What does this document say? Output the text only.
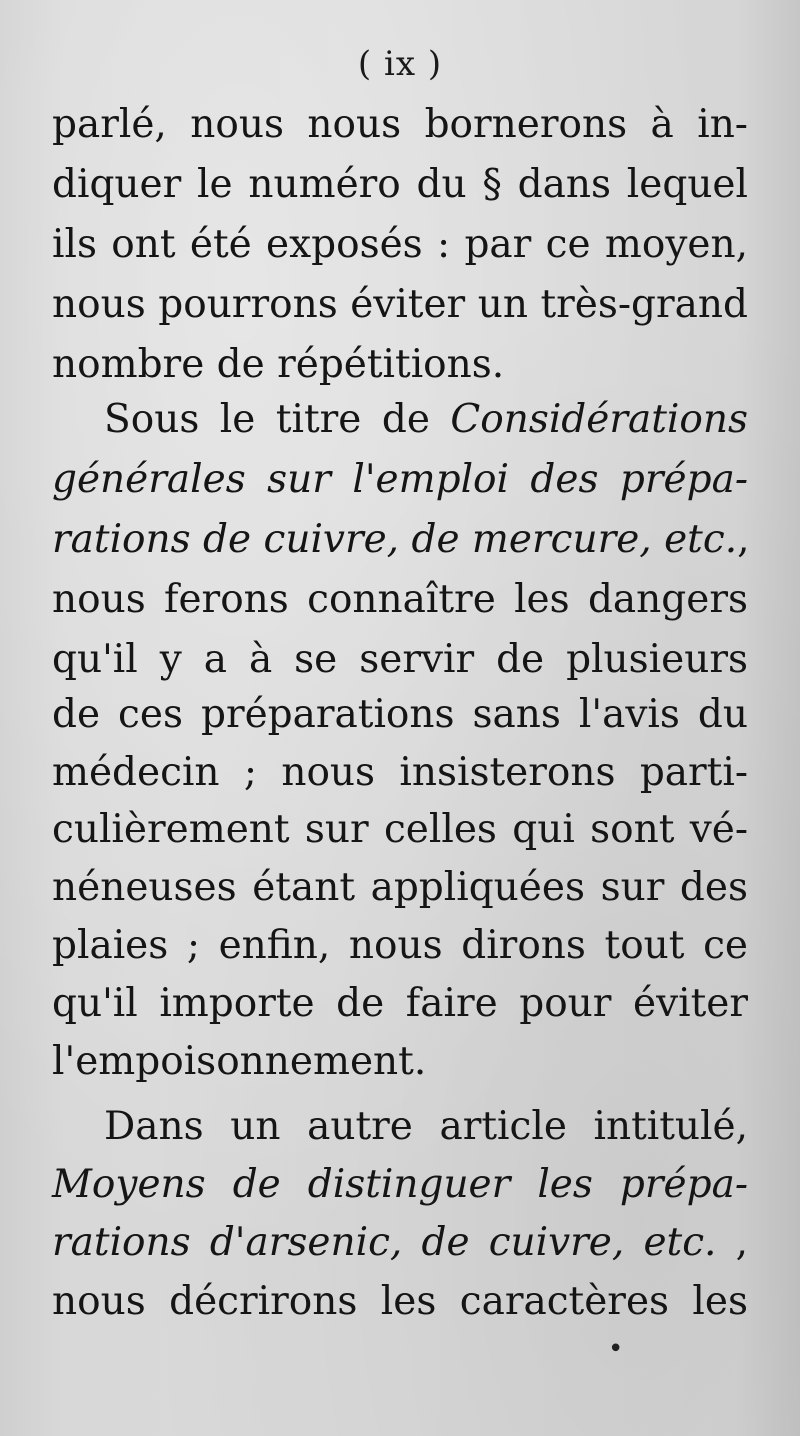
( ix )
parlé, nous nous bornerons à in-
diquer le numéro du § dans lequel
ils ont été exposés : par ce moyen,
nous pourrons éviter un très-grand
nombre de répétitions.
Sous le titre de Considérations
générales sur l'emploi des prépa-
rations de cuivre, de mercure, etc.,
nous ferons connaître les dangers
qu'il y a à se servir de plusieurs
de ces préparations sans l'avis du
médecin ; nous insisterons parti-
culièrement sur celles qui sont vé-
néneuses étant appliquées sur des
plaies ; enfin, nous dirons tout ce
qu'il importe de faire pour éviter
l'empoisonnement.
Dans un autre article intitulé,
Moyens de distinguer les prépa-
rations d'arsenic, de cuivre, etc. ,
nous décrirons les caractères les
•
